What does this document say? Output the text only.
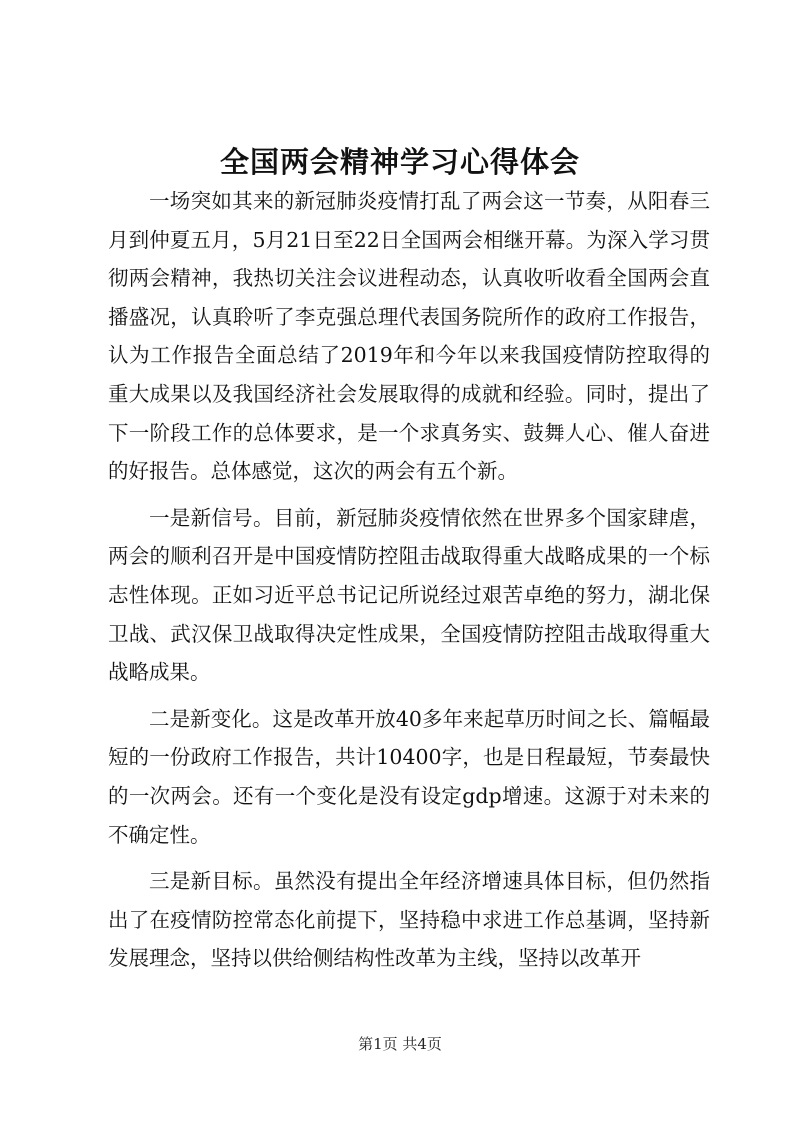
全国两会精神学习心得体会

一场突如其来的新冠肺炎疫情打乱了两会这一节奏，从阳春三月到仲夏五月，5月21日至22日全国两会相继开幕。为深入学习贯彻两会精神，我热切关注会议进程动态，认真收听收看全国两会直播盛况，认真聆听了李克强总理代表国务院所作的政府工作报告，认为工作报告全面总结了2019年和今年以来我国疫情防控取得的重大成果以及我国经济社会发展取得的成就和经验。同时，提出了下一阶段工作的总体要求，是一个求真务实、鼓舞人心、催人奋进的好报告。总体感觉，这次的两会有五个新。

一是新信号。目前，新冠肺炎疫情依然在世界多个国家肆虐，两会的顺利召开是中国疫情防控阻击战取得重大战略成果的一个标志性体现。正如习近平总书记记所说经过艰苦卓绝的努力，湖北保卫战、武汉保卫战取得决定性成果，全国疫情防控阻击战取得重大战略成果。

二是新变化。这是改革开放40多年来起草历时间之长、篇幅最短的一份政府工作报告，共计10400字，也是日程最短，节奏最快的一次两会。还有一个变化是没有设定gdp增速。这源于对未来的不确定性。

三是新目标。虽然没有提出全年经济增速具体目标，但仍然指出了在疫情防控常态化前提下，坚持稳中求进工作总基调，坚持新发展理念，坚持以供给侧结构性改革为主线，坚持以改革开

第1页 共4页
